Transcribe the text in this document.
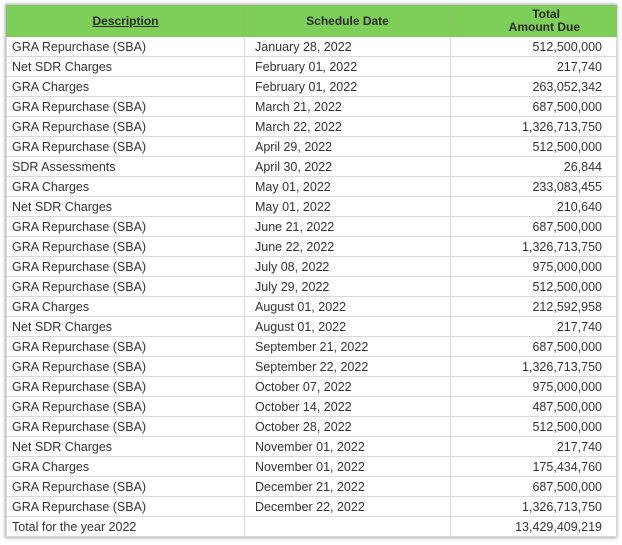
Description	Schedule Date	Total
Amount Due

GRA Repurchase (SBA)	January 28, 2022	512,500,000
Net SDR Charges	February 01, 2022	217,740
GRA Charges	February 01, 2022	263,052,342
GRA Repurchase (SBA)	March 21, 2022	687,500,000
GRA Repurchase (SBA)	March 22, 2022	1,326,713,750
GRA Repurchase (SBA)	April 29, 2022	512,500,000
SDR Assessments	April 30, 2022	26,844
GRA Charges	May 01, 2022	233,083,455
Net SDR Charges	May 01, 2022	210,640
GRA Repurchase (SBA)	June 21, 2022	687,500,000
GRA Repurchase (SBA)	June 22, 2022	1,326,713,750
GRA Repurchase (SBA)	July 08, 2022	975,000,000
GRA Repurchase (SBA)	July 29, 2022	512,500,000
GRA Charges	August 01, 2022	212,592,958
Net SDR Charges	August 01, 2022	217,740
GRA Repurchase (SBA)	September 21, 2022	687,500,000
GRA Repurchase (SBA)	September 22, 2022	1,326,713,750
GRA Repurchase (SBA)	October 07, 2022	975,000,000
GRA Repurchase (SBA)	October 14, 2022	487,500,000
GRA Repurchase (SBA)	October 28, 2022	512,500,000
Net SDR Charges	November 01, 2022	217,740
GRA Charges	November 01, 2022	175,434,760
GRA Repurchase (SBA)	December 21, 2022	687,500,000
GRA Repurchase (SBA)	December 22, 2022	1,326,713,750
Total for the year 2022		13,429,409,219
